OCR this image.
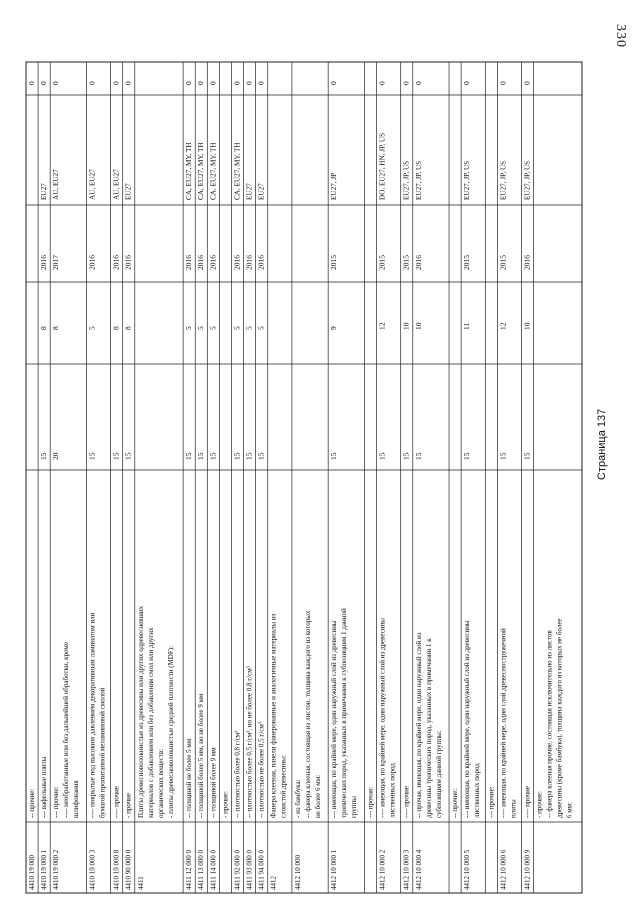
4410 19 000
-- прочие:
0
4410 19 000 1
--- вафельные плиты
15
8
2016
EU27
0
4410 19 000 2
--- прочие: ---- необработанные или без дальнейшей обработки, кроме шлифования
20
8
2017
AU, EU27
0
4410 19 000 3
---- покрытые под высоким давлением декоративным ламинатом или бумагой пропитанной меламиновой смолой
15
5
2016
AU, EU27
0
4410 19 000 8
---- прочие
15
8
2016
AU, EU27
0
4410 90 000 0
- прочие
15
8
2016
EU27
0
4411
Плиты древесноволокнистые из древесины или других одревесневших материалов с добавлением или без добавления смол или других органических веществ: - плиты древесноволокнистые средней плотности (МDF):
4411 12 000 0
-- толщиной не более 5 мм
15
5
2016
CA, EU27, MY, TH
0
4411 13 000 0
-- толщиной более 5 мм, но не более 9 мм
15
5
2016
CA, EU27, MY, TH
0
4411 14 000 0
-- толщиной более 9 мм
15
5
2016
CA, EU27, MY, TH
0
- прочие:
4411 92 000 0
-- плотностью более 0,8 г/см³
15
5
2016
CA, EU27, MY, TH
0
4411 93 000 0
-- плотностью более 0,5 г/см³, но не более 0,8 г/см³
15
5
2016
EU27
0
4411 94 000 0
-- плотностью не более 0,5 г/см³
15
5
2016
EU27
0
4412
Фанера клееная, панели фанерованные и аналогичные материалы из слоистой древесины:
4412 10 000
- из бамбука: -- фанера клееная, состоящая из листов, толщина каждого из которых не более 6 мм:
4412 10 000 1
--- имеющая, по крайней мере, один наружный слой из древесины тропических пород, указанных в примечании к субпозициям 1 данной группы
15
9
2015
EU27, JP
0
--- прочая:
4412 10 000 2
---- имеющая, по крайней мере, один наружный слой из древесины лиственных пород
15
12
2015
DO, EU27, HN, JP, US
0
4412 10 000 3
---- прочие
15
10
2015
EU27, JP, US
0
4412 10 000 4
-- прочая, имеющая, по крайней мере, один наружный слой из древесины тропических пород, указанных в примечании 1 к субпозициям данной группы:
15
10
2016
EU27, JP, US
0
-- прочие:
4412 10 000 5
--- имеющая, по крайней мере, один наружный слой из древесины лиственных пород
15
11
2015
EU27, JP, US
0
--- прочие:
4412 10 000 6
---- имеющая, по крайней мере, один слой древесностружечной плиты
15
12
2015
EU27, JP, US
0
4412 10 000 9
---- прочие
15
10
2016
EU27, JP, US
0
- прочие: -- фанера клееная прочие, состоящая исключительно из листов древесины (кроме бамбука), толщина каждого из которых не более 6 мм:
330
Страница 137
